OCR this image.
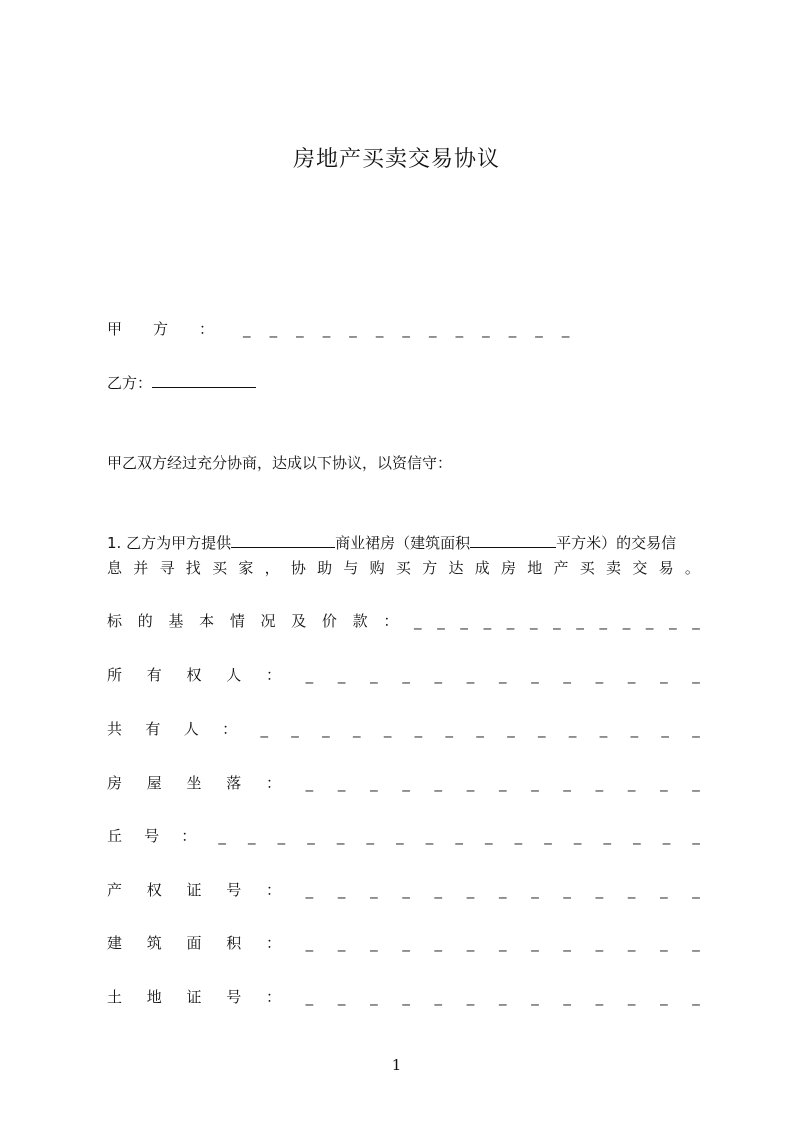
房地产买卖交易协议
甲 方 ： _    _    _    _    _    _    _    _    _    _    _    _    _
乙方：
甲乙双方经过充分协商，达成以下协议，以资信守：
1. 乙方为甲方提供	商业裙房（建筑面积	平方米）的交易信
息 并 寻 找 买 家 ， 协 助 与 购 买 方 达 成 房 地 产 买 卖 交 易 。
标 的 基 本 情 况 及 价 款 ： _ _ _ _ _ _ _ _ _ _ _ _ _
所 有 权 人 ： _ _ _ _ _ _ _ _ _ _ _ _ _
共 有 人 ： _ _ _ _ _ _ _ _ _ _ _ _ _ _ _
房 屋 坐 落 ： _ _ _ _ _ _ _ _ _ _ _ _ _
丘 号 ： _ _ _ _ _ _ _ _ _ _ _ _ _ _ _ _ _
产 权 证 号 ： _ _ _ _ _ _ _ _ _ _ _ _ _
建 筑 面 积 ： _ _ _ _ _ _ _ _ _ _ _ _ _
土 地 证 号 ： _ _ _ _ _ _ _ _ _ _ _ _ _
1
